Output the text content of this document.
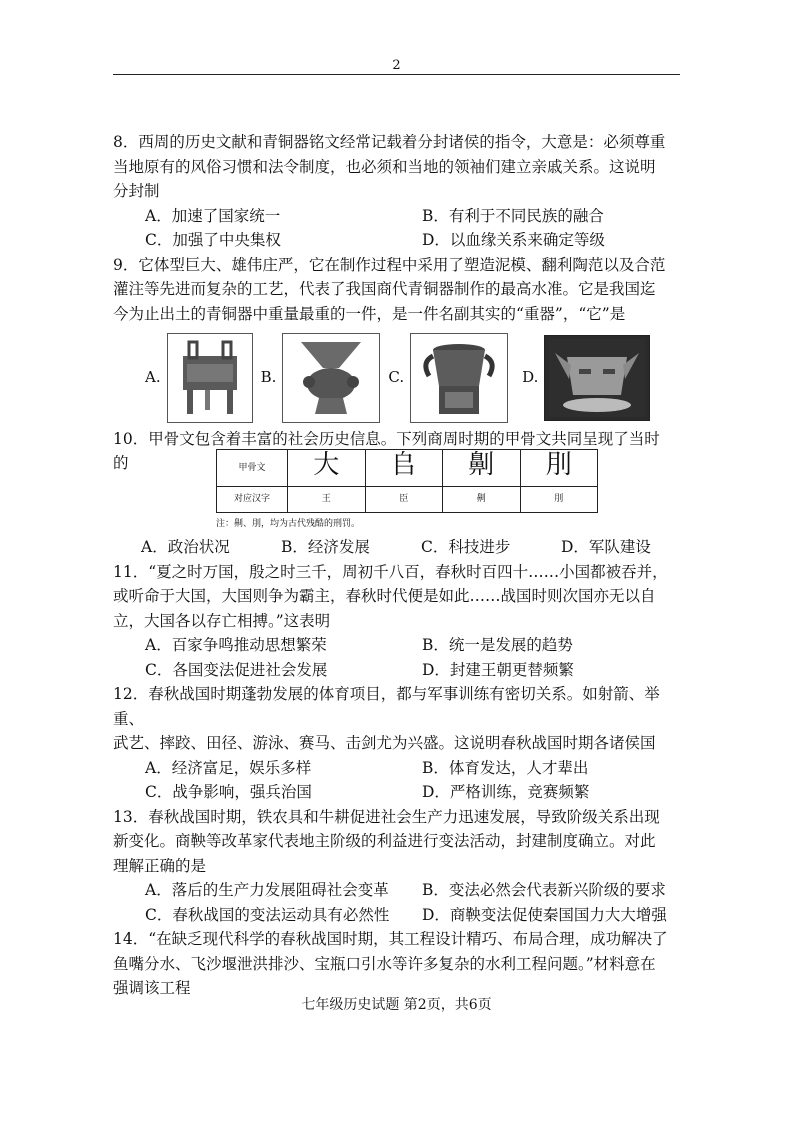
2

8．西周的历史文献和青铜器铭文经常记载着分封诸侯的指令，大意是：必须尊重

当地原有的风俗习惯和法令制度，也必须和当地的领袖们建立亲戚关系。这说明

分封制

A．加速了国家统一	B．有利于不同民族的融合
C．加强了中央集权	D．以血缘关系来确定等级

9．它体型巨大、雄伟庄严，它在制作过程中采用了塑造泥模、翻利陶范以及合范

灌注等先进而复杂的工艺，代表了我国商代青铜器制作的最高水准。它是我国迄

今为止出土的青铜器中重量最重的一件，是一件名副其实的“重器”，“它”是

A.	B.	C.	D.

10．甲骨文包含着丰富的社会历史信息。下列商周时期的甲骨文共同呈现了当时

的	甲骨文	大	𠂤	劓	刖
对应汉字	王	臣	劓	刖
注：劓、刖，均为古代残酷的刑罚。
A．政治状况	B．经济发展	C．科技进步	D．军队建设

11．“夏之时万国，殷之时三千，周初千八百，春秋时百四十……小国都被吞并，

或听命于大国，大国则争为霸主，春秋时代便是如此……战国时则次国亦无以自

立，大国各以存亡相搏。”这表明

A．百家争鸣推动思想繁荣	B．统一是发展的趋势
C．各国变法促进社会发展	D．封建王朝更替频繁

12．春秋战国时期蓬勃发展的体育项目，都与军事训练有密切关系。如射箭、举重、

武艺、摔跤、田径、游泳、赛马、击剑尤为兴盛。这说明春秋战国时期各诸侯国

A．经济富足，娱乐多样	B．体育发达，人才辈出
C．战争影响，强兵治国	D．严格训练，竞赛频繁

13．春秋战国时期，铁农具和牛耕促进社会生产力迅速发展，导致阶级关系出现

新变化。商鞅等改革家代表地主阶级的利益进行变法活动，封建制度确立。对此

理解正确的是

A．落后的生产力发展阻碍社会变革	B．变法必然会代表新兴阶级的要求
C．春秋战国的变法运动具有必然性	D．商鞅变法促使秦国国力大大增强

14．“在缺乏现代科学的春秋战国时期，其工程设计精巧、布局合理，成功解决了

鱼嘴分水、飞沙堰泄洪排沙、宝瓶口引水等许多复杂的水利工程问题。”材料意在

强调该工程

七年级历史试题 第2页，共6页
